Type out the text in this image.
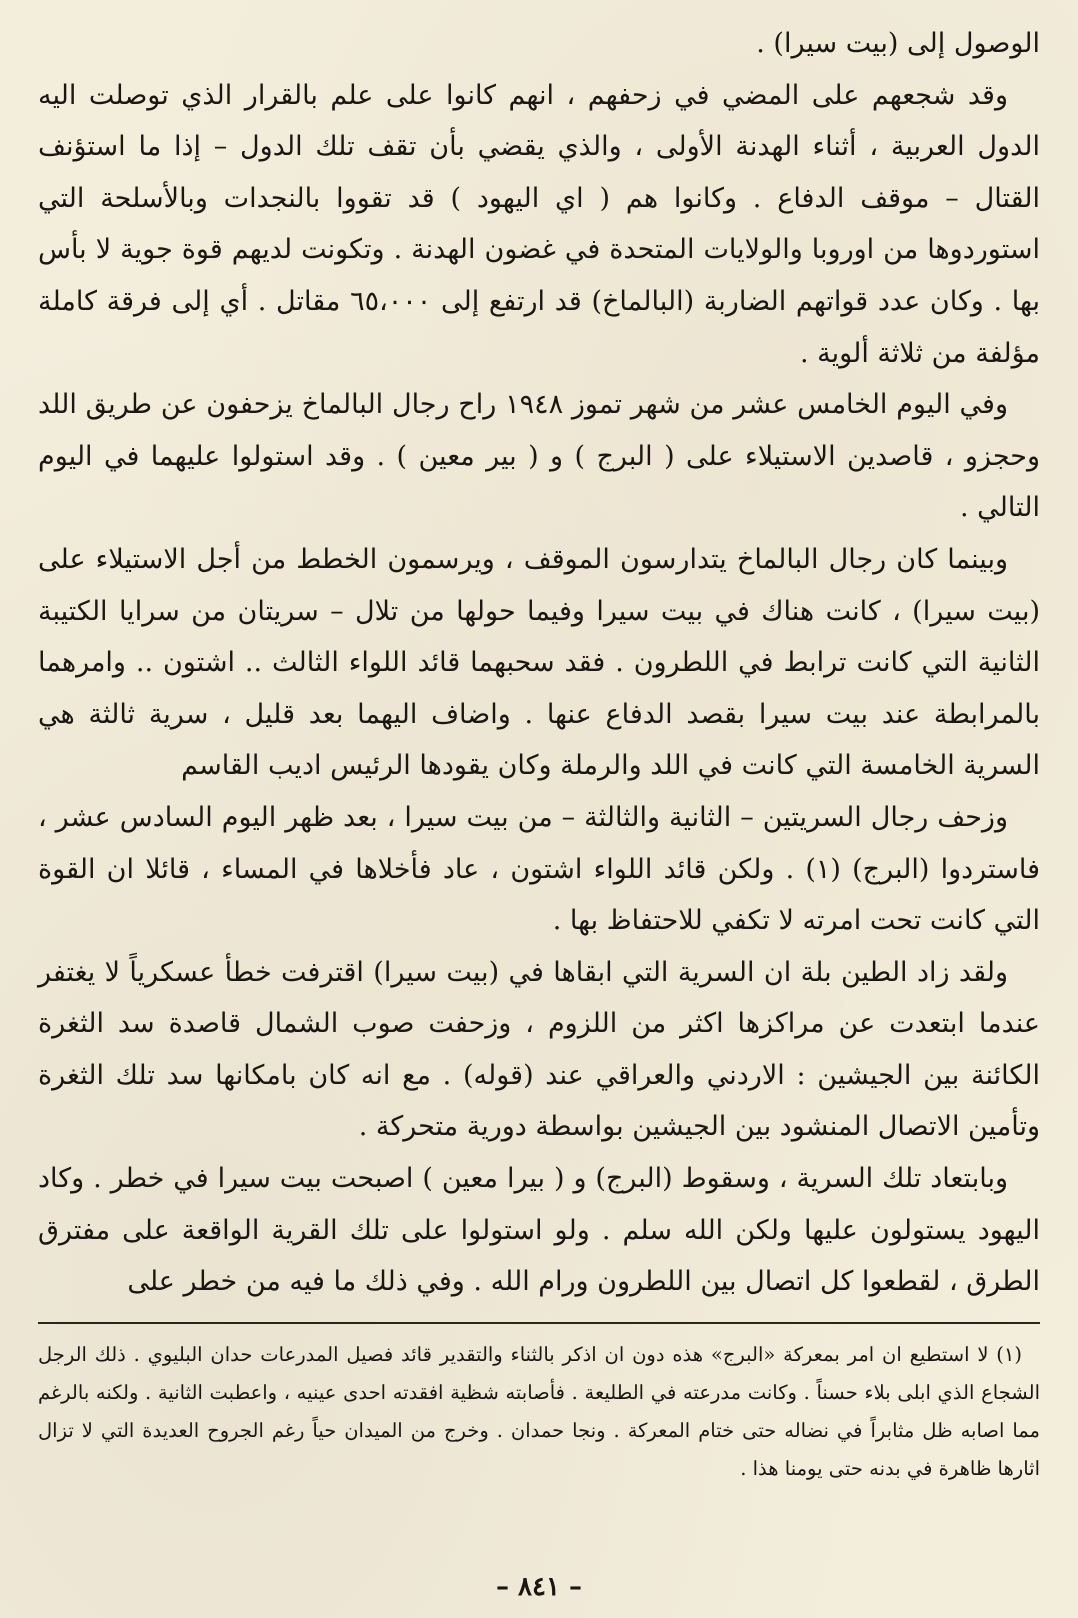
الوصول إلى (بيت سيرا) .

وقد شجعهم على المضي في زحفهم ، انهم كانوا على علم بالقرار الذي توصلت اليه الدول العربية ، أثناء الهدنة الأولى ، والذي يقضي بأن تقف تلك الدول – إذا ما استؤنف القتال – موقف الدفاع . وكانوا هم ( اي اليهود ) قد تقووا بالنجدات وبالأسلحة التي استوردوها من اوروبا والولايات المتحدة في غضون الهدنة . وتكونت لديهم قوة جوية لا بأس بها . وكان عدد قواتهم الضاربة (البالماخ) قد ارتفع إلى ٦٥،٠٠٠ مقاتل . أي إلى فرقة كاملة مؤلفة من ثلاثة ألوية .

وفي اليوم الخامس عشر من شهر تموز ١٩٤٨ راح رجال البالماخ يزحفون عن طريق اللد وحجزو ، قاصدين الاستيلاء على ( البرج ) و ( بير معين ) . وقد استولوا عليهما في اليوم التالي .

وبينما كان رجال البالماخ يتدارسون الموقف ، ويرسمون الخطط من أجل الاستيلاء على (بيت سيرا) ، كانت هناك في بيت سيرا وفيما حولها من تلال – سريتان من سرايا الكتيبة الثانية التي كانت ترابط في اللطرون . فقد سحبهما قائد اللواء الثالث .. اشتون .. وامرهما بالمرابطة عند بيت سيرا بقصد الدفاع عنها . واضاف اليهما بعد قليل ، سرية ثالثة هي السرية الخامسة التي كانت في اللد والرملة وكان يقودها الرئيس اديب القاسم

وزحف رجال السريتين – الثانية والثالثة – من بيت سيرا ، بعد ظهر اليوم السادس عشر ، فاستردوا (البرج) (١) . ولكن قائد اللواء اشتون ، عاد فأخلاها في المساء ، قائلا ان القوة التي كانت تحت امرته لا تكفي للاحتفاظ بها .

ولقد زاد الطين بلة ان السرية التي ابقاها في (بيت سيرا) اقترفت خطأ عسكرياً لا يغتفر عندما ابتعدت عن مراكزها اكثر من اللزوم ، وزحفت صوب الشمال قاصدة سد الثغرة الكائنة بين الجيشين : الاردني والعراقي عند (قوله) . مع انه كان بامكانها سد تلك الثغرة وتأمين الاتصال المنشود بين الجيشين بواسطة دورية متحركة .

وبابتعاد تلك السرية ، وسقوط (البرج) و ( بيرا معين ) اصبحت بيت سيرا في خطر . وكاد اليهود يستولون عليها ولكن الله سلم . ولو استولوا على تلك القرية الواقعة على مفترق الطرق ، لقطعوا كل اتصال بين اللطرون ورام الله . وفي ذلك ما فيه من خطر على

(١) لا استطيع ان امر بمعركة «البرج» هذه دون ان اذكر بالثناء والتقدير قائد فصيل المدرعات حدان البليوي . ذلك الرجل الشجاع الذي ابلى بلاء حسناً . وكانت مدرعته في الطليعة . فأصابته شظية افقدته احدى عينيه ، واعطبت الثانية . ولكنه بالرغم مما اصابه ظل مثابراً في نضاله حتى ختام المعركة . ونجا حمدان . وخرج من الميدان حياً رغم الجروح العديدة التي لا تزال اثارها ظاهرة في بدنه حتى يومنا هذا .

– ٨٤١ –
